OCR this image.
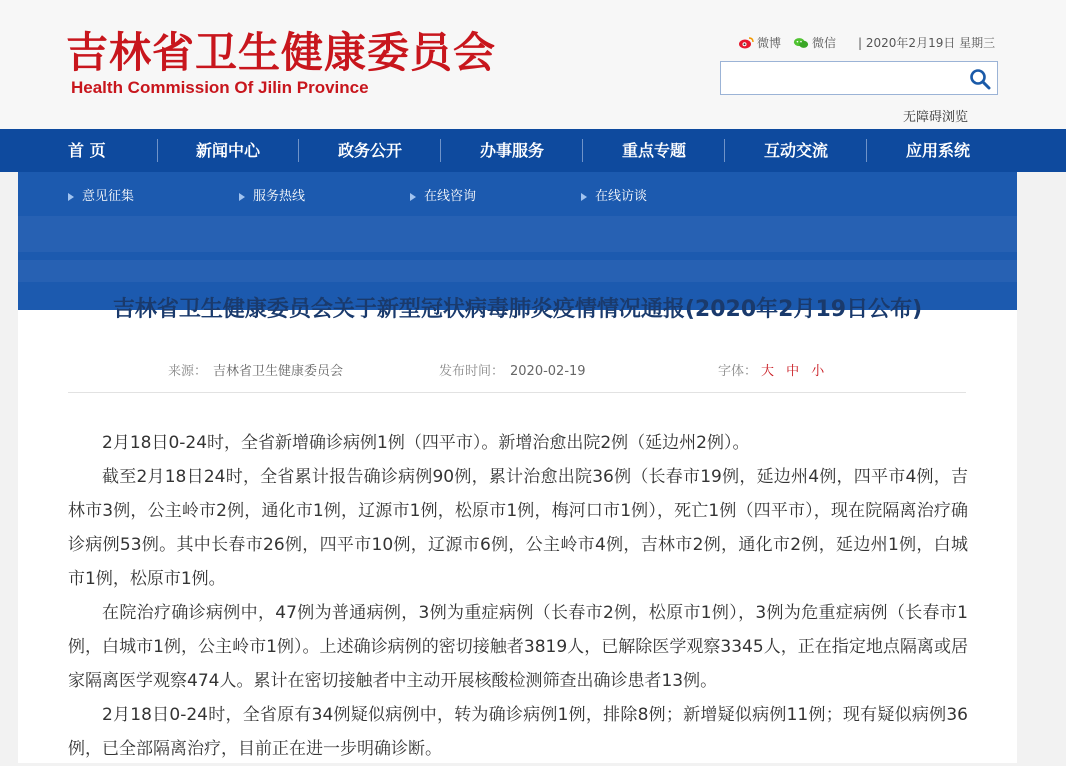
吉林省卫生健康委员会
Health Commission Of Jilin Province
微博	微信 | 2020年2月19日 星期三
无障碍浏览
首 页	新闻中心	政务公开	办事服务	重点专题	互动交流	应用系统
意见征集	服务热线	在线咨询	在线访谈
吉林省卫生健康委员会关于新型冠状病毒肺炎疫情情况通报(2020年2月19日公布)
来源： 吉林省卫生健康委员会	发布时间： 2020-02-19	字体： 大 中 小

2月18日0-24时，全省新增确诊病例1例（四平市）。新增治愈出院2例（延边州2例）。

截至2月18日24时，全省累计报告确诊病例90例，累计治愈出院36例（长春市19例，延边州4例，四平市4例，吉林市3例，公主岭市2例，通化市1例，辽源市1例，松原市1例，梅河口市1例），死亡1例（四平市），现在院隔离治疗确诊病例53例。其中长春市26例，四平市10例，辽源市6例，公主岭市4例，吉林市2例，通化市2例，延边州1例，白城市1例，松原市1例。

在院治疗确诊病例中，47例为普通病例，3例为重症病例（长春市2例，松原市1例），3例为危重症病例（长春市1例，白城市1例，公主岭市1例）。上述确诊病例的密切接触者3819人，已解除医学观察3345人，正在指定地点隔离或居家隔离医学观察474人。累计在密切接触者中主动开展核酸检测筛查出确诊患者13例。

2月18日0-24时，全省原有34例疑似病例中，转为确诊病例1例，排除8例；新增疑似病例11例；现有疑似病例36例，已全部隔离治疗，目前正在进一步明确诊断。
